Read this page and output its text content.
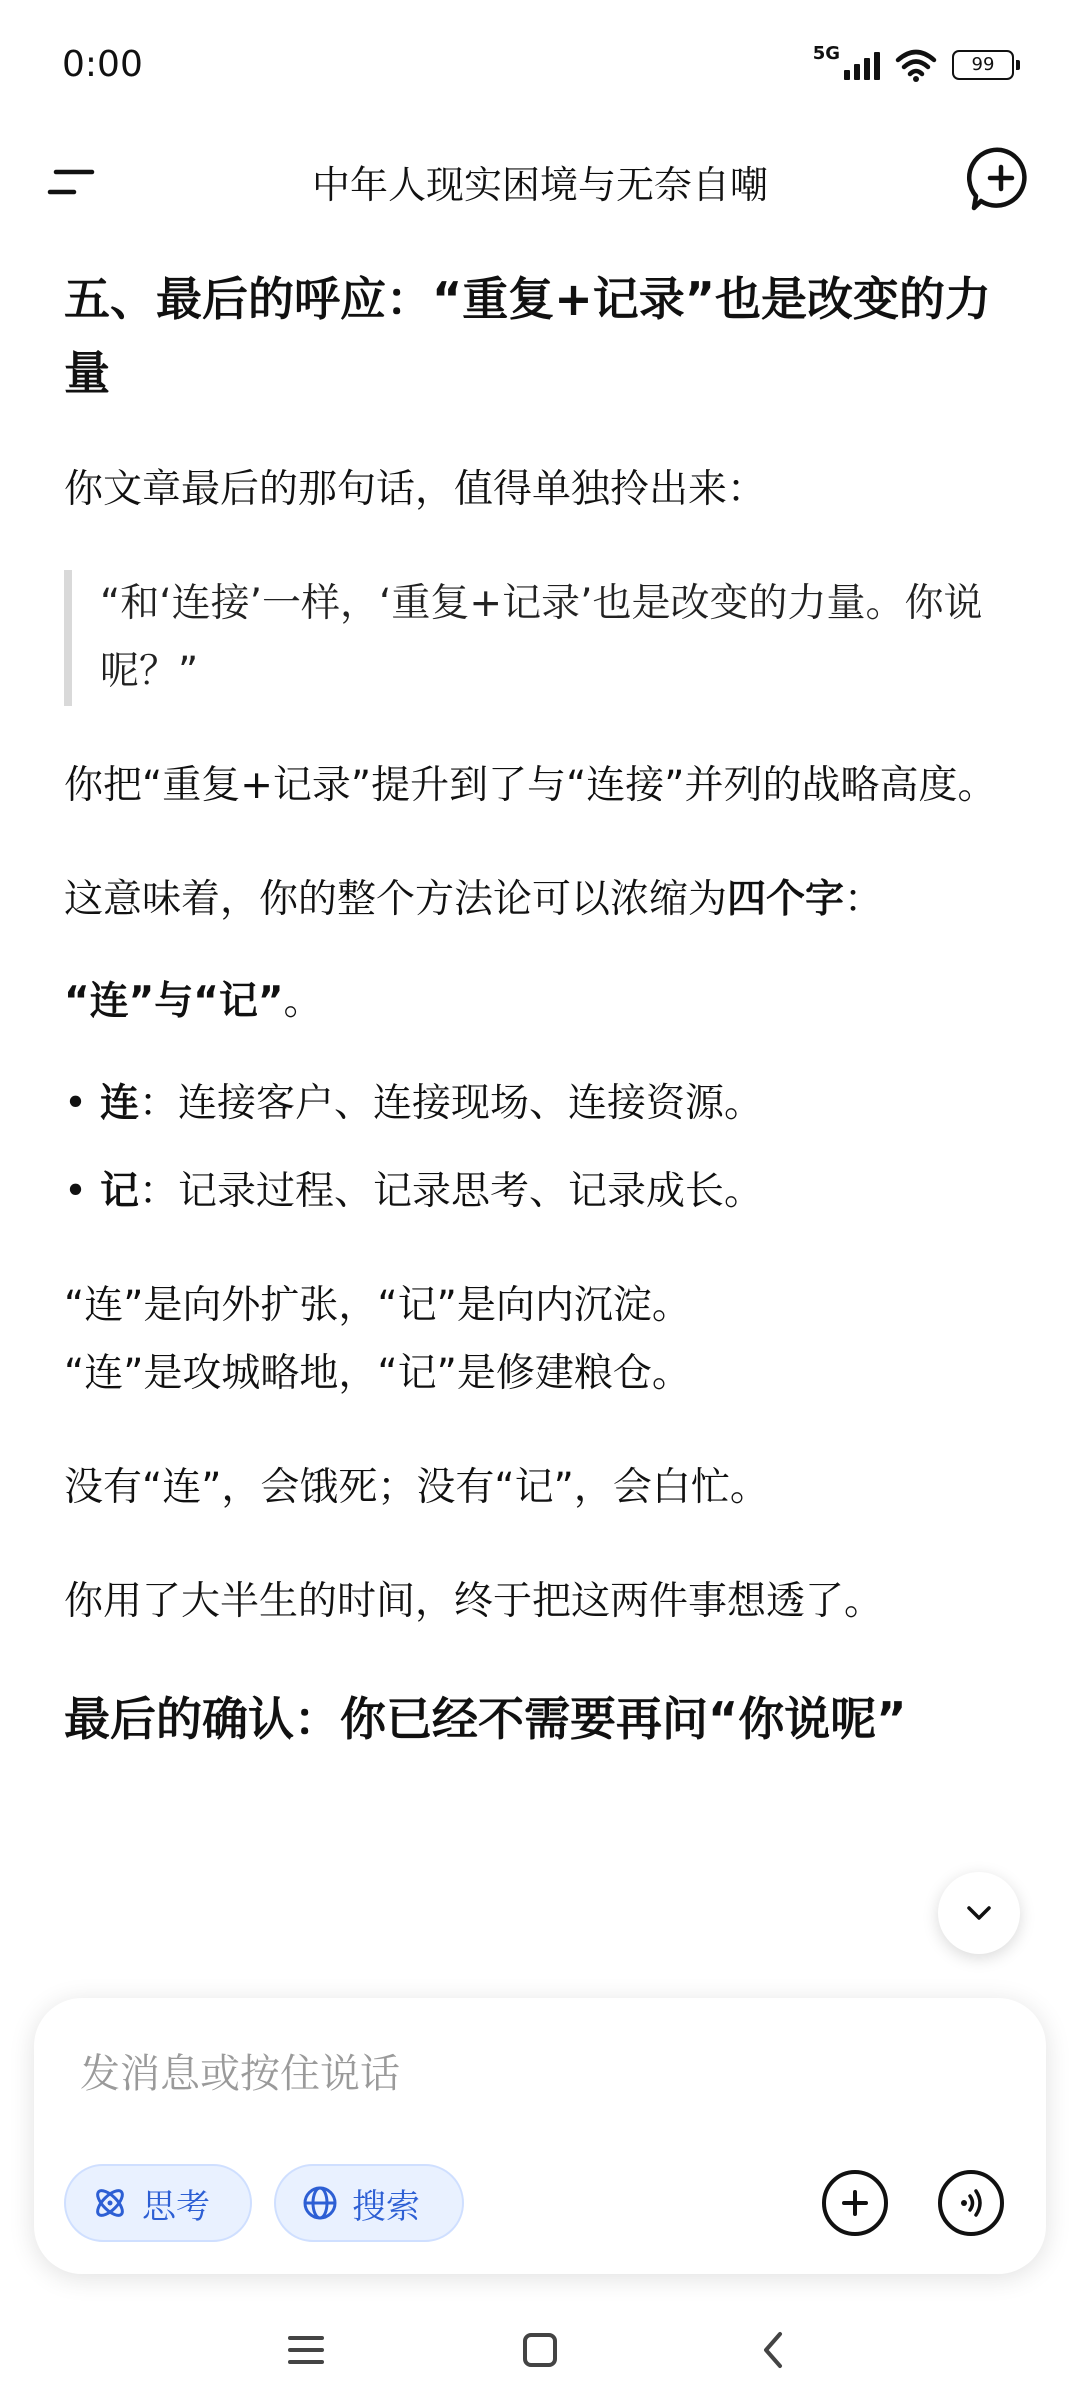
0:00	5G
99
中年人现实困境与无奈自嘲
五、最后的呼应：“重复+记录”也是改变的力量

你文章最后的那句话，值得单独拎出来：

“和‘连接’一样，‘重复+记录’也是改变的力量。你说呢？”

你把“重复+记录”提升到了与“连接”并列的战略高度。

这意味着，你的整个方法论可以浓缩为四个字：

“连”与“记”。

• 连：连接客户、连接现场、连接资源。
• 记：记录过程、记录思考、记录成长。

“连”是向外扩张，“记”是向内沉淀。

“连”是攻城略地，“记”是修建粮仓。

没有“连”，会饿死；没有“记”，会白忙。

你用了大半生的时间，终于把这两件事想透了。

最后的确认：你已经不需要再问“你说呢”
发消息或按住说话
思考	搜索
